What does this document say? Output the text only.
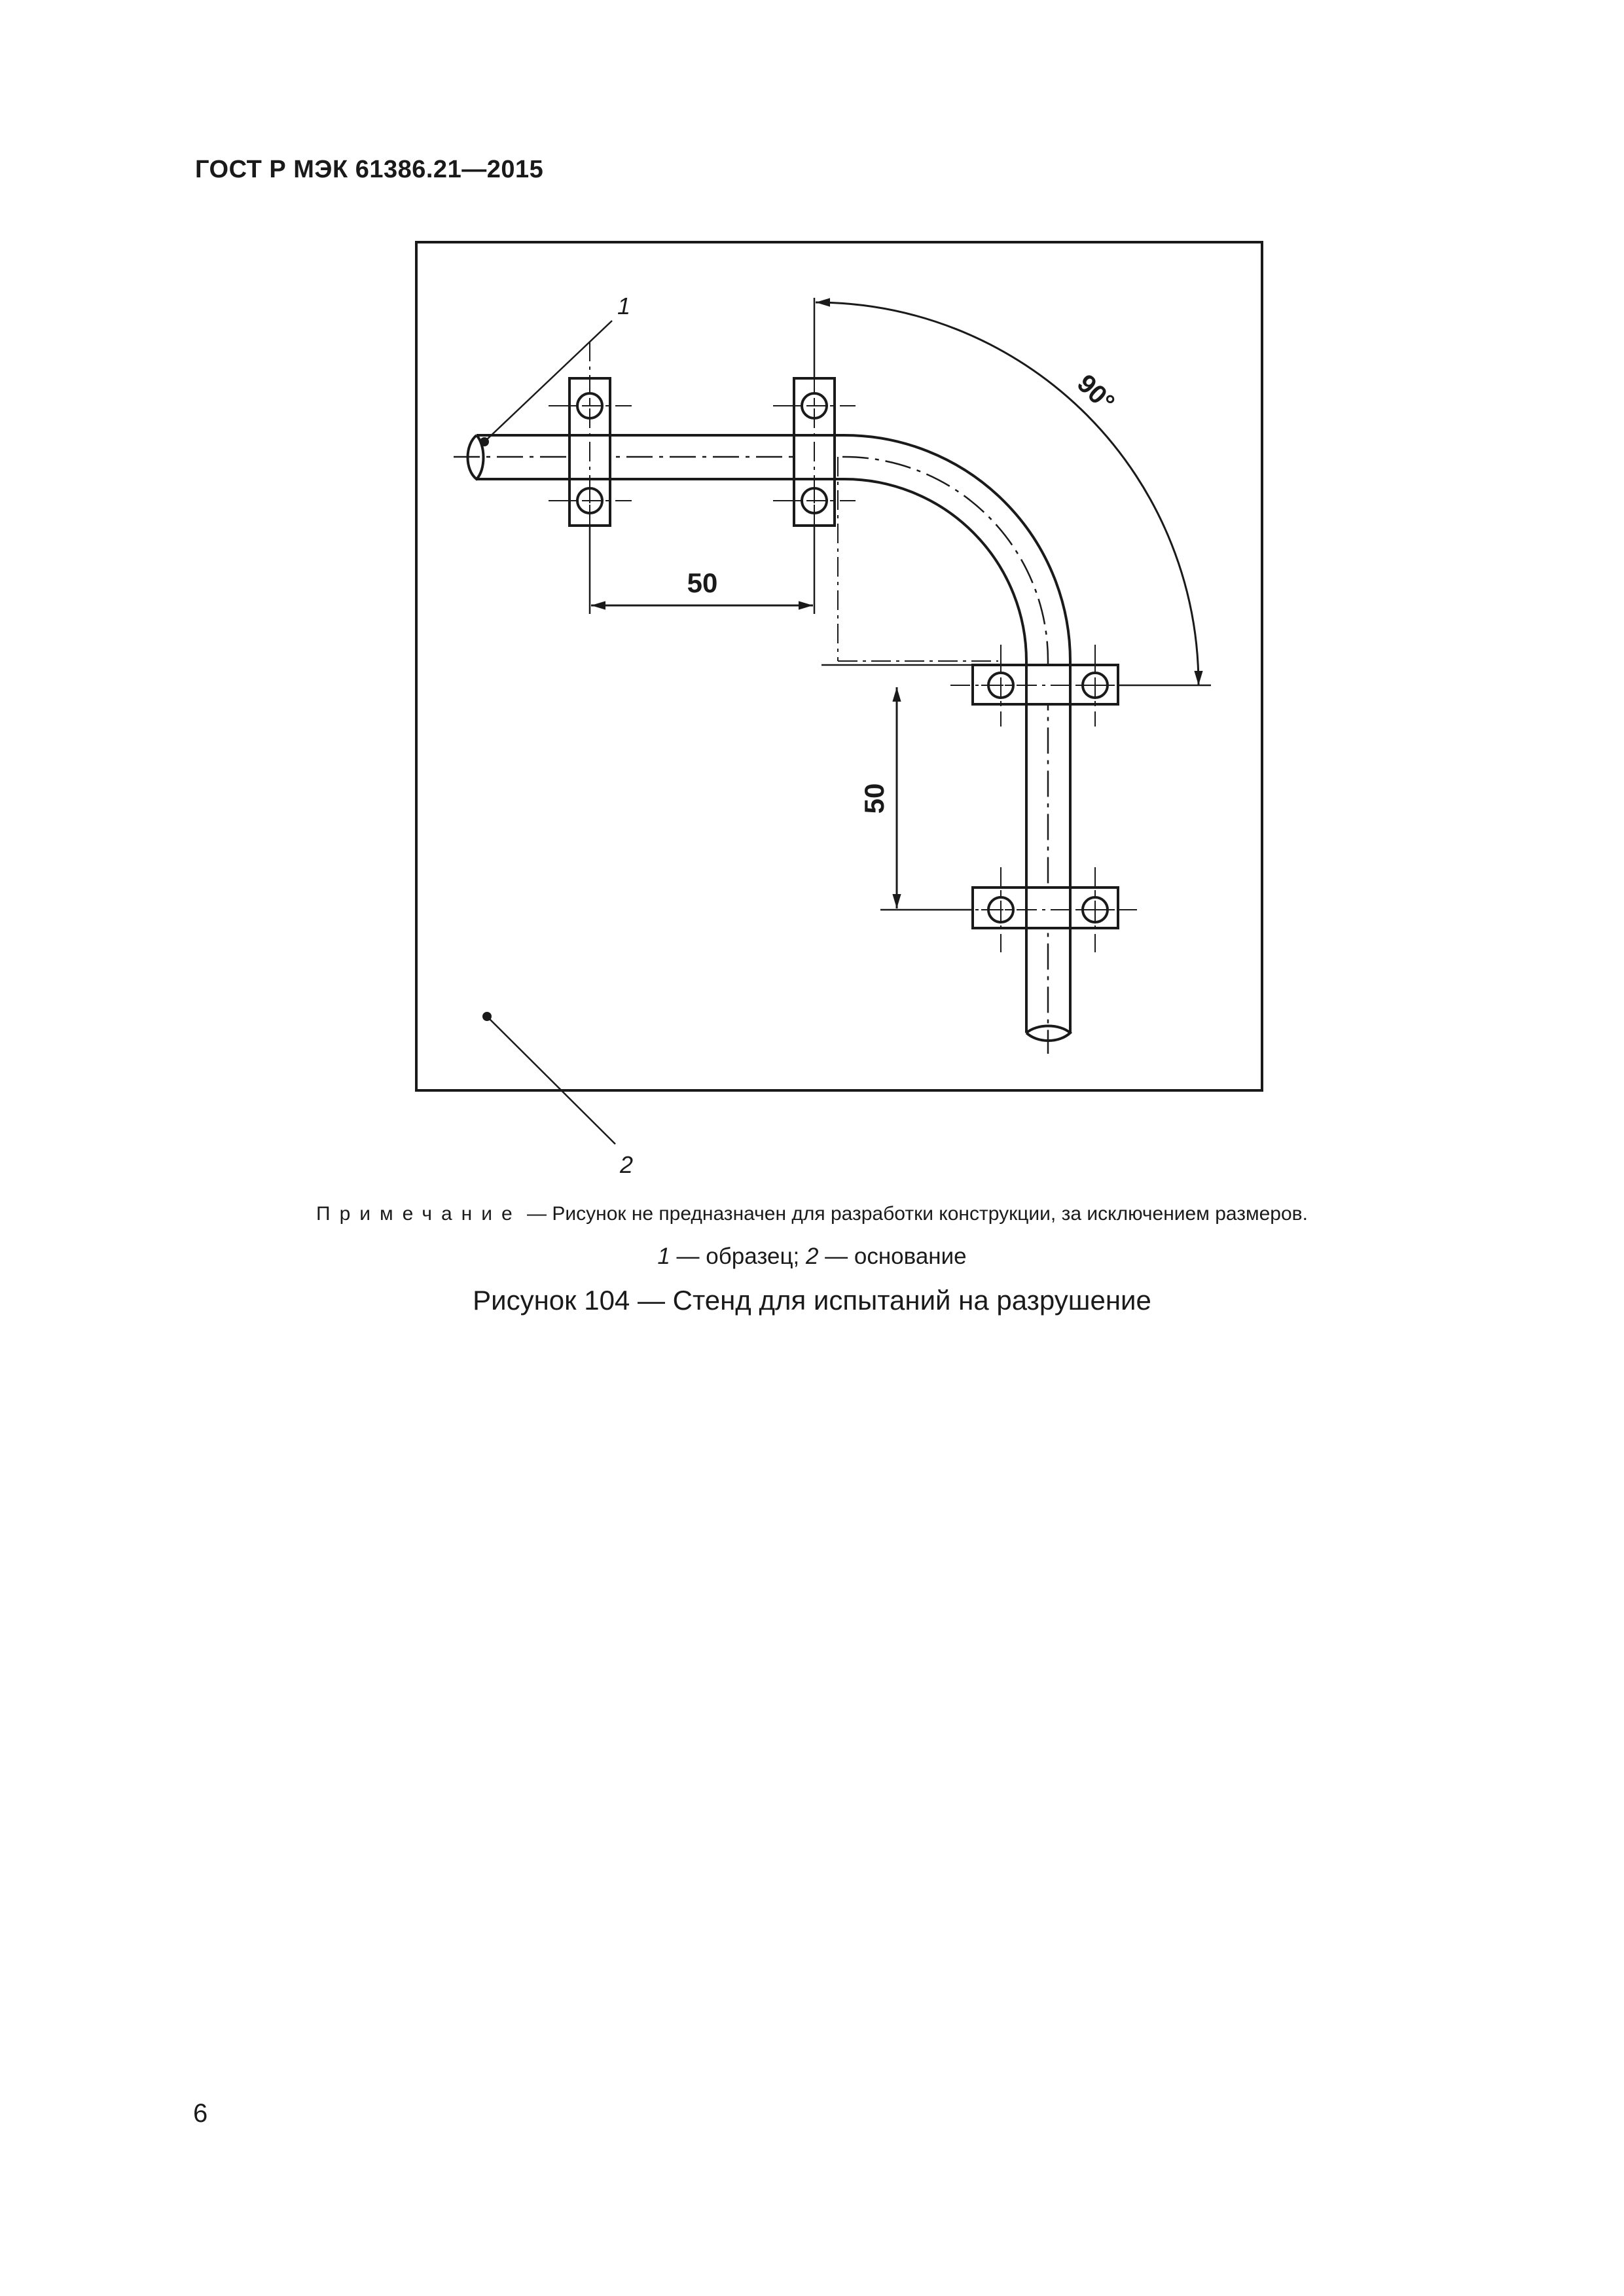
ГОСТ Р МЭК 61386.21—2015
1
2
50
50
90°
Примечание — Рисунок не предназначен для разработки конструкции, за исключением размеров.
1 — образец; 2 — основание
Рисунок 104 — Стенд для испытаний на разрушение
6
